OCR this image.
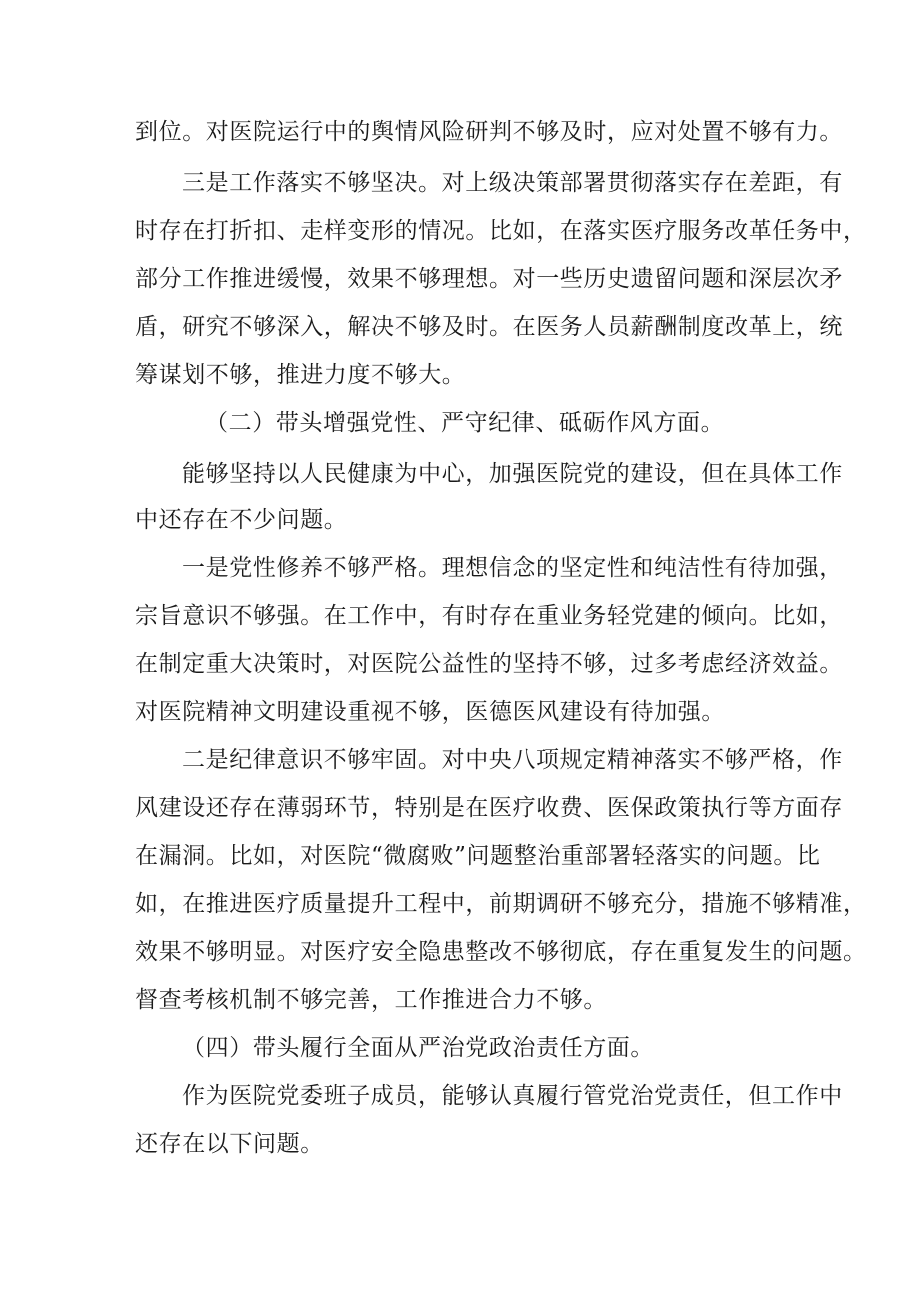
到位。对医院运行中的舆情风险研判不够及时，应对处置不够有力。
三是工作落实不够坚决。对上级决策部署贯彻落实存在差距，有
时存在打折扣、走样变形的情况。比如，在落实医疗服务改革任务中，
部分工作推进缓慢，效果不够理想。对一些历史遗留问题和深层次矛
盾，研究不够深入，解决不够及时。在医务人员薪酬制度改革上，统
筹谋划不够，推进力度不够大。
（二）带头增强党性、严守纪律、砥砺作风方面。
能够坚持以人民健康为中心，加强医院党的建设，但在具体工作
中还存在不少问题。
一是党性修养不够严格。理想信念的坚定性和纯洁性有待加强，
宗旨意识不够强。在工作中，有时存在重业务轻党建的倾向。比如，
在制定重大决策时，对医院公益性的坚持不够，过多考虑经济效益。
对医院精神文明建设重视不够，医德医风建设有待加强。
二是纪律意识不够牢固。对中央八项规定精神落实不够严格，作
风建设还存在薄弱环节，特别是在医疗收费、医保政策执行等方面存
在漏洞。比如，对医院“微腐败”问题整治重部署轻落实的问题。比
如，在推进医疗质量提升工程中，前期调研不够充分，措施不够精准，
效果不够明显。对医疗安全隐患整改不够彻底，存在重复发生的问题。
督查考核机制不够完善，工作推进合力不够。
（四）带头履行全面从严治党政治责任方面。
作为医院党委班子成员，能够认真履行管党治党责任，但工作中
还存在以下问题。
